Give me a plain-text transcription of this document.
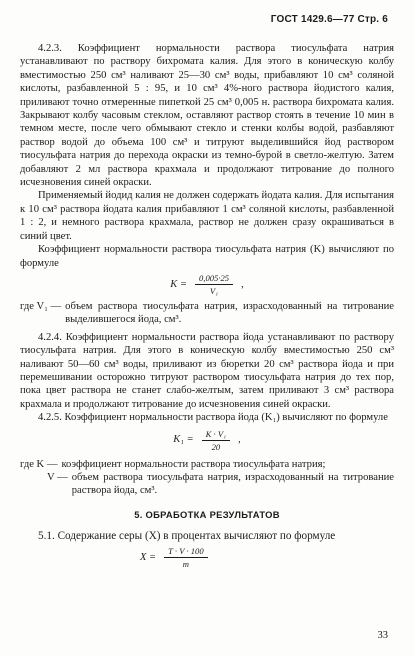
ГОСТ 1429.6—77 Стр. 6

4.2.3. Коэффициент нормальности раствора тиосульфата натрия устанавливают по раствору бихромата калия. Для этого в коническую колбу вместимостью 250 см³ наливают 25—30 см³ воды, прибавляют 10 см³ соляной кислоты, разбавленной 5 : 95, и 10 см³ 4%-ного раствора йодистого калия, приливают точно отмеренные пипеткой 25 см³ 0,005 н. раствора бихромата калия. Закрывают колбу часовым стеклом, оставляют раствор стоять в течение 10 мин в темном месте, после чего обмывают стекло и стенки колбы водой, разбавляют раствор водой до объема 100 см³ и титруют выделившийся йод раствором тиосульфата натрия до перехода окраски из темно-бурой в светло-желтую. Затем добавляют 2 мл раствора крахмала и продолжают титрование до полного исчезновения синей окраски.

Применяемый йодид калия не должен содержать йодата калия. Для испытания к 10 см³ раствора йодата калия прибавляют 1 см³ соляной кислоты, разбавленной 1 : 2, и немного раствора крахмала, раствор не должен сразу окрашиваться в синий цвет.

Коэффициент нормальности раствора тиосульфата натрия (K) вычисляют по формуле

$K = \frac{0,005\cdot 25}{\text{V₁}}$ ,
где V₁ — объем раствора тиосульфата натрия, израсходованный на титрование выделившегося йода, см³.

4.2.4. Коэффициент нормальности раствора йода устанавливают по раствору тиосульфата натрия. Для этого в коническую колбу вместимостью 250 см³ наливают 50—60 см³ воды, приливают из бюретки 20 см³ раствора йода и при перемешивании осторожно титруют раствором тиосульфата натрия до тех пор, пока цвет раствора не станет слабо-желтым, затем приливают 3 см³ раствора крахмала и продолжают титрование до исчезновения синей окраски.

4.2.5. Коэффициент нормальности раствора йода (K₁) вычисляют по формуле

$K_1 = \frac{\text{K · V₁}}{20}$ ,
где K — коэффициент нормальности раствора тиосульфата натрия;
V — объем раствора тиосульфата натрия, израсходованный на титрование раствора йода, см³.
5. ОБРАБОТКА РЕЗУЛЬТАТОВ

5.1. Содержание серы (X) в процентах вычисляют по формуле

$X = \frac{T \cdot V \cdot 100}{m}$
33
